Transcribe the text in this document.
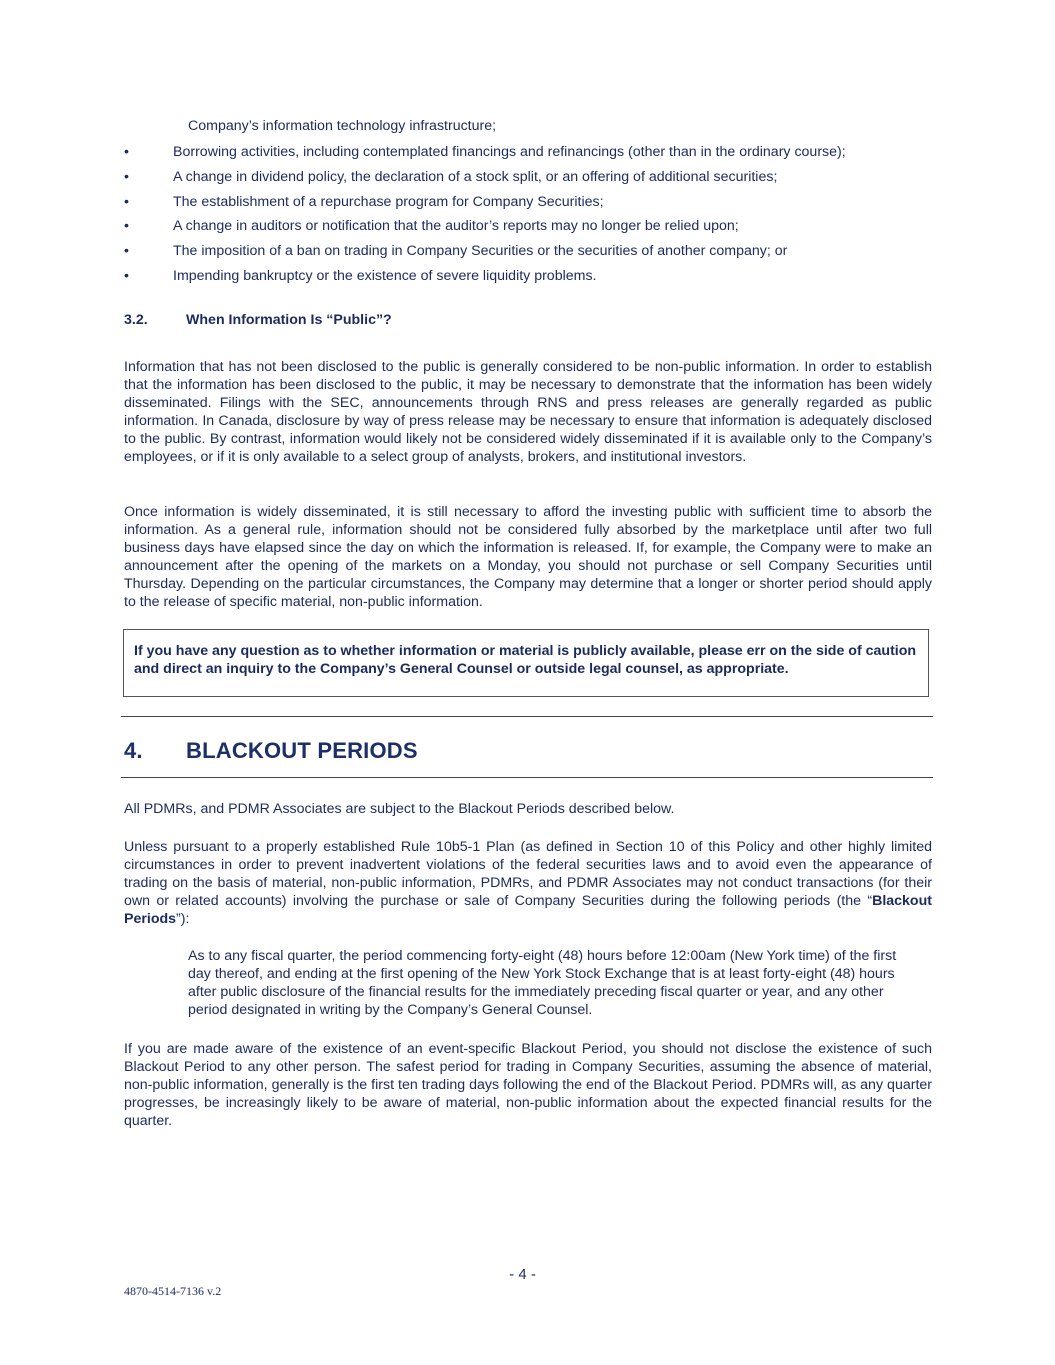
Company’s information technology infrastructure;
•	Borrowing activities, including contemplated financings and refinancings (other than in the ordinary course);
•	A change in dividend policy, the declaration of a stock split, or an offering of additional securities;
•	The establishment of a repurchase program for Company Securities;
•	A change in auditors or notification that the auditor’s reports may no longer be relied upon;
•	The imposition of a ban on trading in Company Securities or the securities of another company; or
•	Impending bankruptcy or the existence of severe liquidity problems.
3.2.	When Information Is “Public”?

Information that has not been disclosed to the public is generally considered to be non-public information. In order to establish that the information has been disclosed to the public, it may be necessary to demonstrate that the information has been widely disseminated. Filings with the SEC, announcements through RNS and press releases are generally regarded as public information. In Canada, disclosure by way of press release may be necessary to ensure that information is adequately disclosed to the public. By contrast, information would likely not be considered widely disseminated if it is available only to the Company’s employees, or if it is only available to a select group of analysts, brokers, and institutional investors.

Once information is widely disseminated, it is still necessary to afford the investing public with sufficient time to absorb the information. As a general rule, information should not be considered fully absorbed by the marketplace until after two full business days have elapsed since the day on which the information is released. If, for example, the Company were to make an announcement after the opening of the markets on a Monday, you should not purchase or sell Company Securities until Thursday. Depending on the particular circumstances, the Company may determine that a longer or shorter period should apply to the release of specific material, non-public information.

If you have any question as to whether information or material is publicly available, please err on the side of caution and direct an inquiry to the Company’s General Counsel or outside legal counsel, as appropriate.
4. BLACKOUT PERIODS

All PDMRs, and PDMR Associates are subject to the Blackout Periods described below.

Unless pursuant to a properly established Rule 10b5-1 Plan (as defined in Section 10 of this Policy and other highly limited circumstances in order to prevent inadvertent violations of the federal securities laws and to avoid even the appearance of trading on the basis of material, non-public information, PDMRs, and PDMR Associates may not conduct transactions (for their own or related accounts) involving the purchase or sale of Company Securities during the following periods (the “Blackout Periods”):

As to any fiscal quarter, the period commencing forty-eight (48) hours before 12:00am (New York time) of the first day thereof, and ending at the first opening of the New York Stock Exchange that is at least forty-eight (48) hours after public disclosure of the financial results for the immediately preceding fiscal quarter or year, and any other period designated in writing by the Company’s General Counsel.

If you are made aware of the existence of an event-specific Blackout Period, you should not disclose the existence of such Blackout Period to any other person. The safest period for trading in Company Securities, assuming the absence of material, non-public information, generally is the first ten trading days following the end of the Blackout Period. PDMRs will, as any quarter progresses, be increasingly likely to be aware of material, non-public information about the expected financial results for the quarter.

- 4 -
4870-4514-7136 v.2
